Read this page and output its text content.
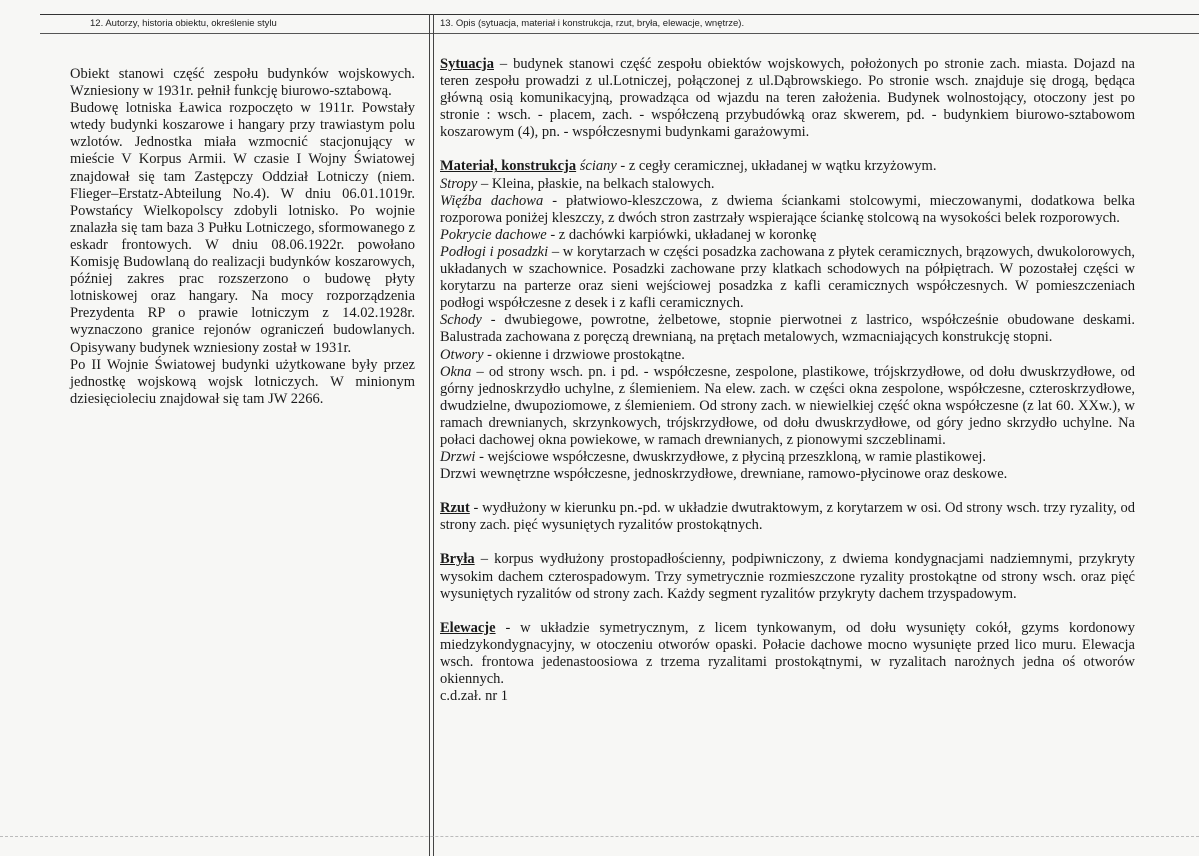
12. Autorzy, historia obiektu, określenie stylu	13. Opis (sytuacja, materiał i konstrukcja, rzut, bryła, elewacje, wnętrze).

Obiekt stanowi część zespołu budynków wojskowych. Wzniesiony w 1931r. pełnił funkcję biurowo-sztabową.

Budowę lotniska Ławica rozpoczęto w 1911r. Powstały wtedy budynki koszarowe i hangary przy trawiastym polu wzlotów. Jednostka miała wzmocnić stacjonujący w mieście V Korpus Armii. W czasie I Wojny Światowej znajdował się tam Zastępczy Oddział Lotniczy (niem. Flieger–Erstatz-Abteilung No.4). W dniu 06.01.1019r. Powstańcy Wielkopolscy zdobyli lotnisko. Po wojnie znalazła się tam baza 3 Pułku Lotniczego, sformowanego z eskadr frontowych. W dniu 08.06.1922r. powołano Komisję Budowlaną do realizacji budynków koszarowych, później zakres prac rozszerzono o budowę płyty lotniskowej oraz hangary. Na mocy rozporządzenia Prezydenta RP o prawie lotniczym z 14.02.1928r. wyznaczono granice rejonów ograniczeń budowlanych. Opisywany budynek wzniesiony został w 1931r.

Po II Wojnie Światowej budynki użytkowane były przez jednostkę wojskową wojsk lotniczych. W minionym dziesięcioleciu znajdował się tam JW 2266.

Sytuacja – budynek stanowi część zespołu obiektów wojskowych, położonych po stronie zach. miasta. Dojazd na teren zespołu prowadzi z ul.Lotniczej, połączonej z ul.Dąbrowskiego. Po stronie wsch. znajduje się drogą, będąca główną osią komunikacyjną, prowadząca od wjazdu na teren założenia. Budynek wolnostojący, otoczony jest po stronie : wsch. - placem, zach. - współczeną przybudówką oraz skwerem, pd. - budynkiem biurowo-sztabowom koszarowym (4), pn. - współczesnymi budynkami garażowymi.

Materiał, konstrukcja ściany - z cegły ceramicznej, układanej w wątku krzyżowym.

Stropy – Kleina, płaskie, na belkach stalowych.

Więźba dachowa - płatwiowo-kleszczowa, z dwiema ściankami stolcowymi, mieczowanymi, dodatkowa belka rozporowa poniżej kleszczy, z dwóch stron zastrzały wspierające ściankę stolcową na wysokości belek rozporowych.

Pokrycie dachowe - z dachówki karpiówki, układanej w koronkę

Podłogi i posadzki – w korytarzach w części posadzka zachowana z płytek ceramicznych, brązowych, dwukolorowych, układanych w szachownice. Posadzki zachowane przy klatkach schodowych na półpiętrach. W pozostałej części w korytarzu na parterze oraz sieni wejściowej posadzka z kafli ceramicznych współczesnych. W pomieszczeniach podłogi współczesne z desek i z kafli ceramicznych.

Schody - dwubiegowe, powrotne, żelbetowe, stopnie pierwotnei z lastrico, współcześnie obudowane deskami. Balustrada zachowana z poręczą drewnianą, na prętach metalowych, wzmacniających konstrukcję stopni.

Otwory - okienne i drzwiowe prostokątne.

Okna – od strony wsch. pn. i pd. - współczesne, zespolone, plastikowe, trójskrzydłowe, od dołu dwuskrzydłowe, od górny jednoskrzydło uchylne, z ślemieniem. Na elew. zach. w części okna zespolone, współczesne, czteroskrzydłowe, dwudzielne, dwupoziomowe, z ślemieniem. Od strony zach. w niewielkiej część okna współczesne (z lat 60. XXw.), w ramach drewnianych, skrzynkowych, trójskrzydłowe, od dołu dwuskrzydłowe, od góry jedno skrzydło uchylne. Na połaci dachowej okna powiekowe, w ramach drewnianych, z pionowymi szczeblinami.

Drzwi - wejściowe współczesne, dwuskrzydłowe, z płyciną przeszkloną, w ramie plastikowej.

Drzwi wewnętrzne współczesne, jednoskrzydłowe, drewniane, ramowo-płycinowe oraz deskowe.

Rzut - wydłużony w kierunku pn.-pd. w układzie dwutraktowym, z korytarzem w osi. Od strony wsch. trzy ryzality, od strony zach. pięć wysuniętych ryzalitów prostokątnych.

Bryła – korpus wydłużony prostopadłościenny, podpiwniczony, z dwiema kondygnacjami nadziemnymi, przykryty wysokim dachem czterospadowym. Trzy symetrycznie rozmieszczone ryzality prostokątne od strony wsch. oraz pięć wysuniętych ryzalitów od strony zach. Każdy segment ryzalitów przykryty dachem trzyspadowym.

Elewacje - w układzie symetrycznym, z licem tynkowanym, od dołu wysunięty cokół, gzyms kordonowy miedzykondygnacyjny, w otoczeniu otworów opaski. Połacie dachowe mocno wysunięte przed lico muru. Elewacja wsch. frontowa jedenastoosiowa z trzema ryzalitami prostokątnymi, w ryzalitach narożnych jedna oś otworów okiennych.

c.d.zał. nr 1
